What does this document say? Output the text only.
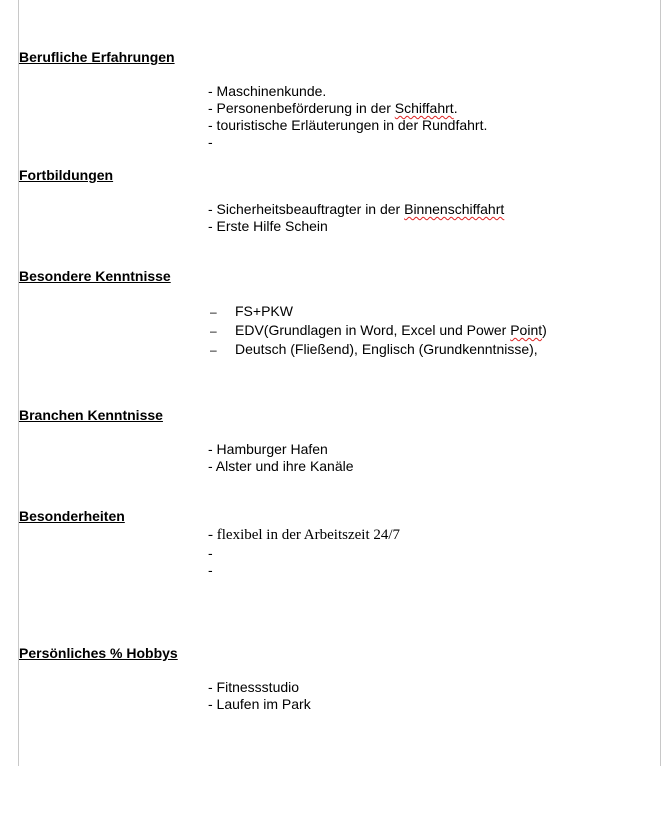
Berufliche Erfahrungen
- Maschinenkunde.
- Personenbeförderung in der Schiffahrt.
- touristische Erläuterungen in der Rundfahrt.
-
Fortbildungen
- Sicherheitsbeauftragter in der Binnenschiffahrt
- Erste Hilfe Schein
Besondere Kenntnisse
– FS+PKW
– EDV(Grundlagen in Word, Excel und Power Point)
– Deutsch (Fließend), Englisch (Grundkenntnisse),
Branchen Kenntnisse
- Hamburger Hafen
- Alster und ihre Kanäle
Besonderheiten
- flexibel in der Arbeitszeit 24/7
-
-
Persönliches % Hobbys
- Fitnessstudio
- Laufen im Park
